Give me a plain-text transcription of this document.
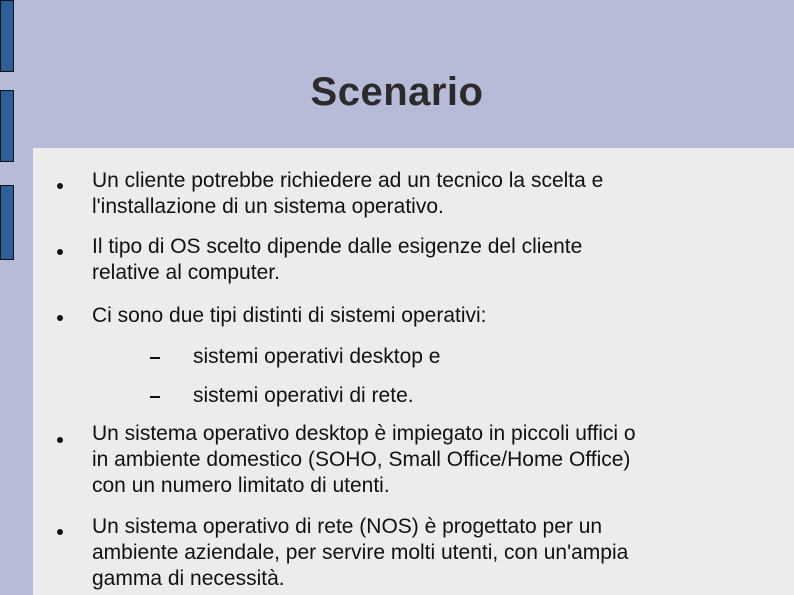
Scenario
Un cliente potrebbe richiedere ad un tecnico la scelta e
l'installazione di un sistema operativo.
Il tipo di OS scelto dipende dalle esigenze del cliente
relative al computer.
Ci sono due tipi distinti di sistemi operativi:
sistemi operativi desktop e
sistemi operativi di rete.
Un sistema operativo desktop è impiegato in piccoli uffici o
in ambiente domestico (SOHO, Small Office/Home Office)
con un numero limitato di utenti.
Un sistema operativo di rete (NOS) è progettato per un
ambiente aziendale, per servire molti utenti, con un'ampia
gamma di necessità.
